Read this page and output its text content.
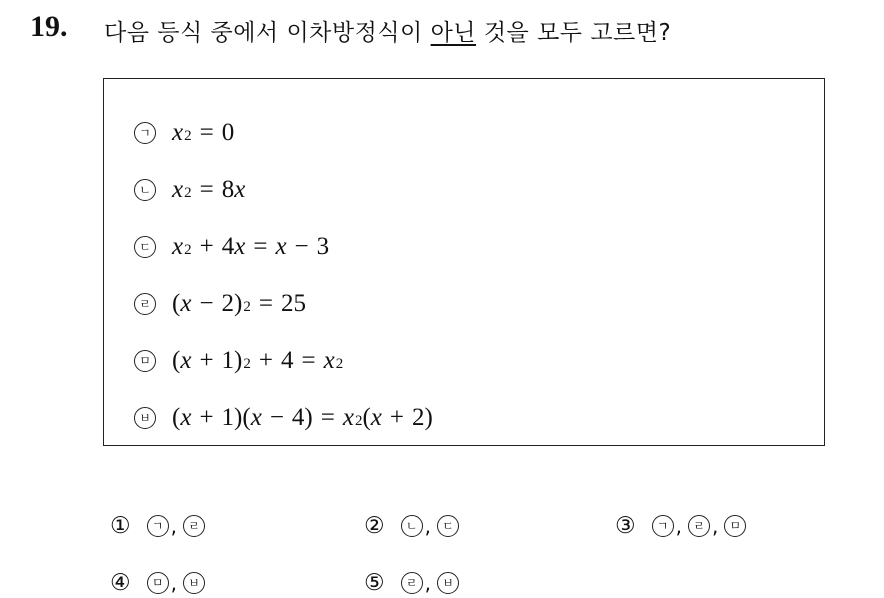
19. 다음 등식 중에서 이차방정식이 아닌 것을 모두 고르면?
ㄱ x 2 = 0
ㄴ x 2 = 8 x
ㄷ x 2 + 4 x = x − 3
ㄹ ( x − 2) 2 = 25
ㅁ ( x + 1) 2 + 4 = x 2
ㅂ ( x + 1)( x − 4) = x 2 ( x + 2)
①	ㄱ , ㄹ	②	ㄴ , ㄷ	③	ㄱ , ㄹ , ㅁ
④	ㅁ , ㅂ	⑤	ㄹ , ㅂ
